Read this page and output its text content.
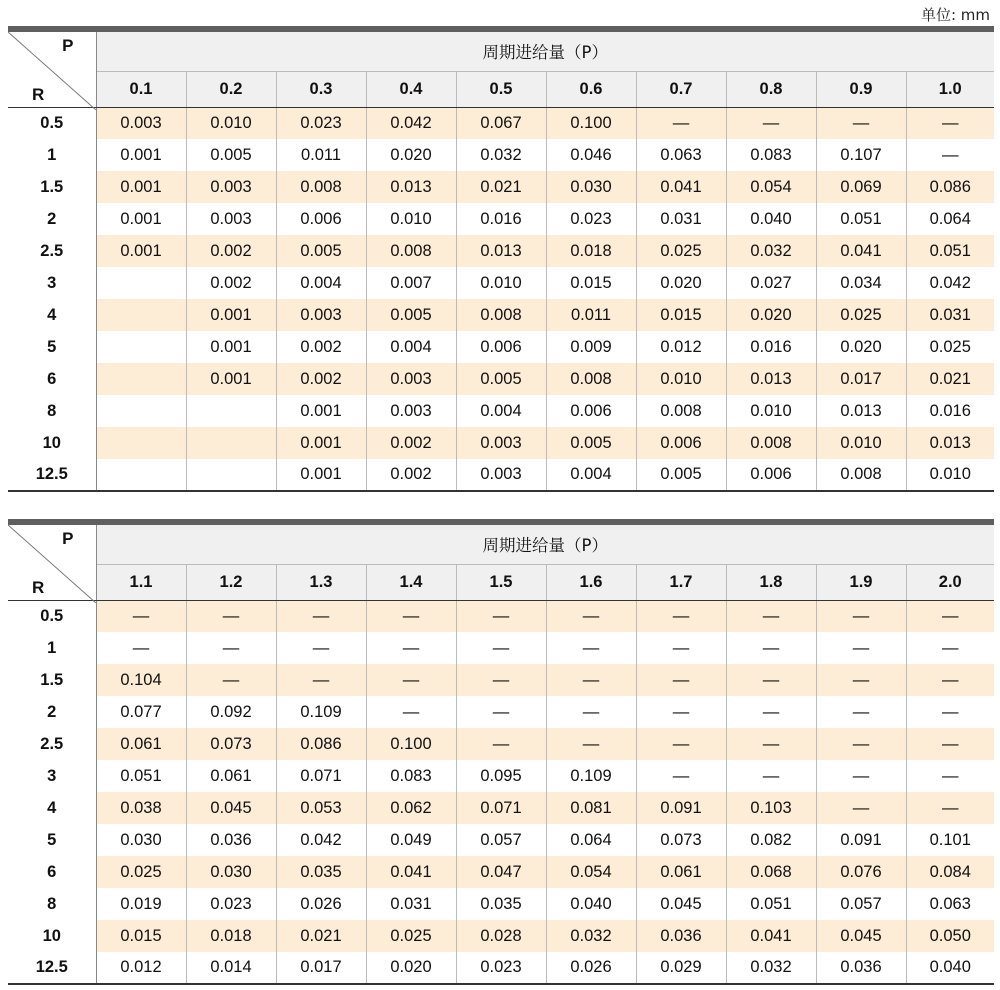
单位: mm
P
R	周期进给量（P）									
	0.1	0.2	0.3	0.4	0.5	0.6	0.7	0.8	0.9	1.0
0.5	0.003	0.010	0.023	0.042	0.067	0.100	—	—	—	—
1	0.001	0.005	0.011	0.020	0.032	0.046	0.063	0.083	0.107	—
1.5	0.001	0.003	0.008	0.013	0.021	0.030	0.041	0.054	0.069	0.086
2	0.001	0.003	0.006	0.010	0.016	0.023	0.031	0.040	0.051	0.064
2.5	0.001	0.002	0.005	0.008	0.013	0.018	0.025	0.032	0.041	0.051
3		0.002	0.004	0.007	0.010	0.015	0.020	0.027	0.034	0.042
4		0.001	0.003	0.005	0.008	0.011	0.015	0.020	0.025	0.031
5		0.001	0.002	0.004	0.006	0.009	0.012	0.016	0.020	0.025
6		0.001	0.002	0.003	0.005	0.008	0.010	0.013	0.017	0.021
8			0.001	0.003	0.004	0.006	0.008	0.010	0.013	0.016
10			0.001	0.002	0.003	0.005	0.006	0.008	0.010	0.013
12.5			0.001	0.002	0.003	0.004	0.005	0.006	0.008	0.010
P
R	周期进给量（P）									
	1.1	1.2	1.3	1.4	1.5	1.6	1.7	1.8	1.9	2.0
0.5	—	—	—	—	—	—	—	—	—	—
1	—	—	—	—	—	—	—	—	—	—
1.5	0.104	—	—	—	—	—	—	—	—	—
2	0.077	0.092	0.109	—	—	—	—	—	—	—
2.5	0.061	0.073	0.086	0.100	—	—	—	—	—	—
3	0.051	0.061	0.071	0.083	0.095	0.109	—	—	—	—
4	0.038	0.045	0.053	0.062	0.071	0.081	0.091	0.103	—	—
5	0.030	0.036	0.042	0.049	0.057	0.064	0.073	0.082	0.091	0.101
6	0.025	0.030	0.035	0.041	0.047	0.054	0.061	0.068	0.076	0.084
8	0.019	0.023	0.026	0.031	0.035	0.040	0.045	0.051	0.057	0.063
10	0.015	0.018	0.021	0.025	0.028	0.032	0.036	0.041	0.045	0.050
12.5	0.012	0.014	0.017	0.020	0.023	0.026	0.029	0.032	0.036	0.040
